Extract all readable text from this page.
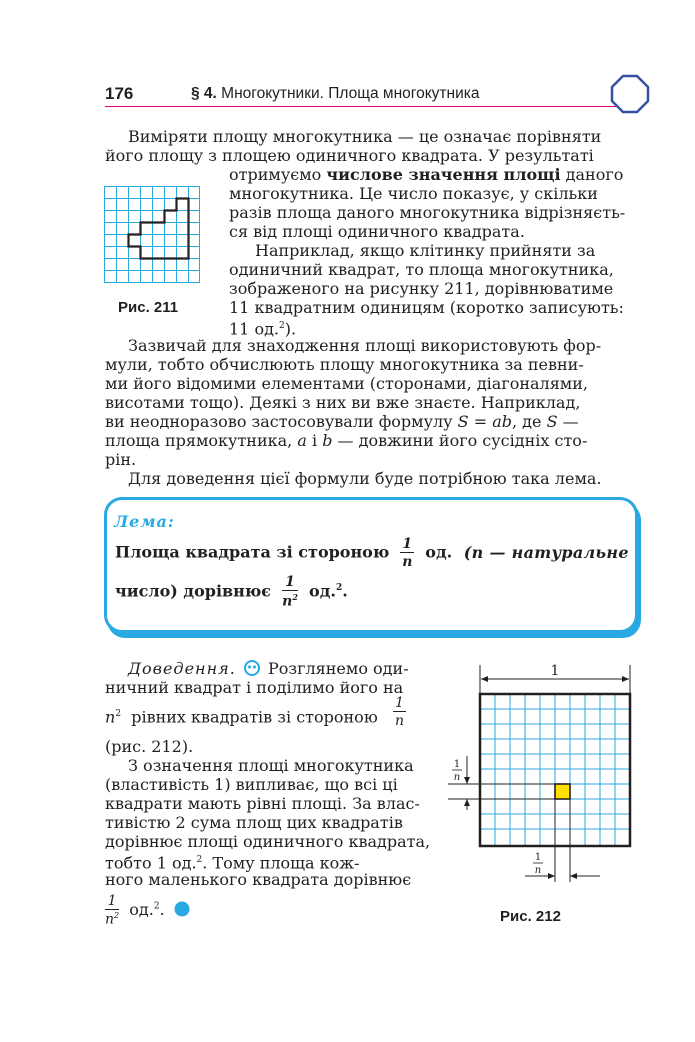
176	§ 4. Многокутники. Площа многокутника
Виміряти площу многокутника — це означає порівняти
його площу з площею одиничного квадрата. У результаті
отримуємо числове значення площі даного
многокутника. Це число показує, у скільки
разів площа даного многокутника відрізняєть-
ся від площі одиничного квадрата.
Рис. 211
Наприклад, якщо клітинку прийняти за
одиничний квадрат, то площа многокутника,
зображеного на рисунку 211, дорівнюватиме
11 квадратним одиницям (коротко записують:
11 од.$^2$).
Зазвичай для знаходження площі використовують фор-
мули, тобто обчислюють площу многокутника за певни-
ми його відомими елементами (сторонами, діагоналями,
висотами тощо). Деякі з них ви вже знаєте. Наприклад,
ви неодноразово застосовували формулу S = ab, де S —
площа прямокутника, a і b — довжини його сусідніх сто-
рін.
Для доведення цієї формули буде потрібною така лема.
Лема:
Площа квадрата зі стороною $\frac{1}{n}$ од. (n — натуральне
число) дорівнює $\frac{1}{n^2} од.^2$.
Доведення. Розглянемо оди-
ничний квадрат і поділимо його на
$n^2$ рівних квадратів зі стороною $\frac{1}{n}$
(рис. 212).
З означення площі многокутника
(властивість 1) випливає, що всі ці
квадрати мають рівні площі. За влас-
тивістю 2 сума площ цих квадратів
дорівнює площі одиничного квадрата,
тобто 1 од.$^2$. Тому площа кож-
ного маленького квадрата дорівнює
$\frac{1}{n^2} од.^2$.
1
1
n
1
n
Рис. 212
